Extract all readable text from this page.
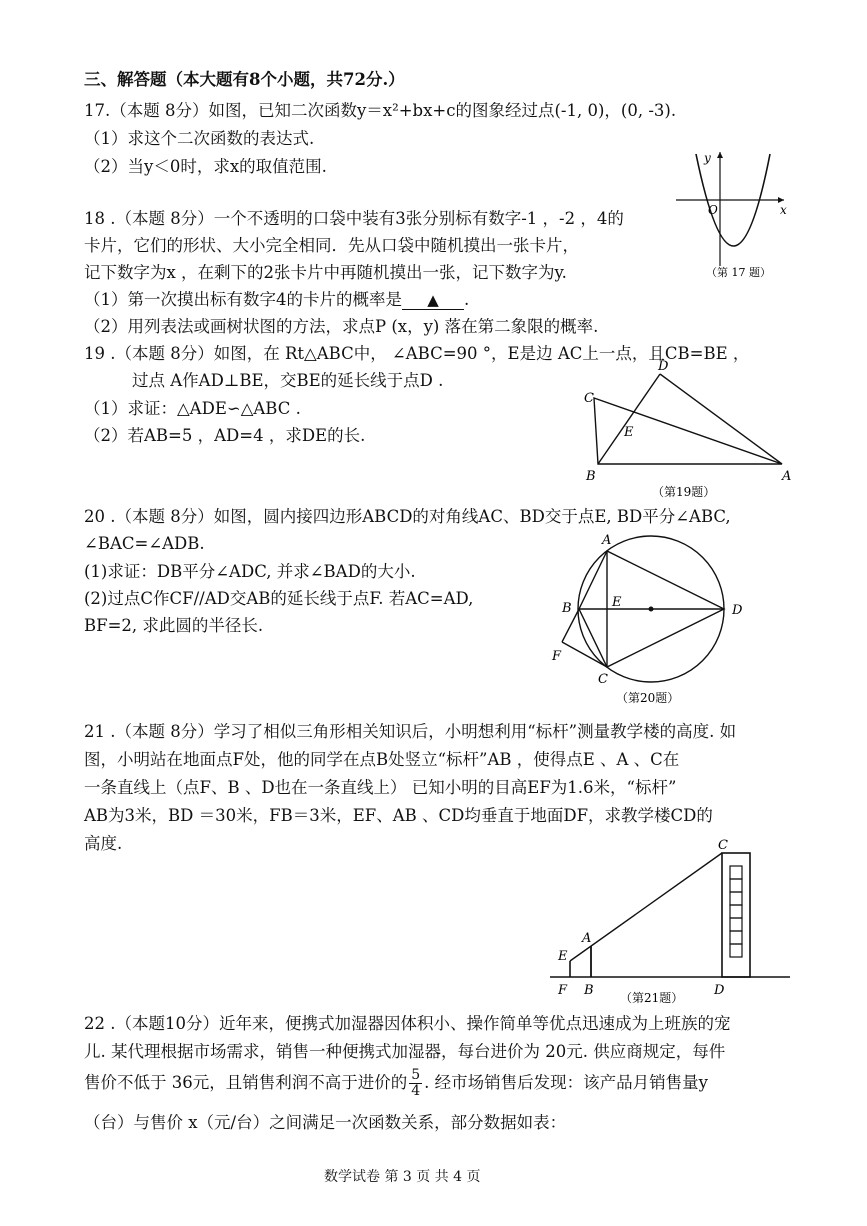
三、解答题（本大题有8个小题，共72分.）
17.（本题 8分）如图，已知二次函数y＝x²+bx+c的图象经过点(-1, 0)，(0, -3).
（1）求这个二次函数的表达式.
（2）当y＜0时，求x的取值范围.	y
x
O
（第 17 题）
18 .（本题 8分）一个不透明的口袋中装有3张分别标有数字-1 ，-2 ，4的
卡片，它们的形状、大小完全相同．先从口袋中随机摸出一张卡片，
记下数字为x ，在剩下的2张卡片中再随机摸出一张，记下数字为y.
（1）第一次摸出标有数字4的卡片的概率是 ▲ .
（2）用列表法或画树状图的方法，求点P (x，y) 落在第二象限的概率.
19 .（本题 8分）如图，在 Rt△ABC中， ∠ABC=90 °，E是边 AC上一点，且CB=BE ，
过点 A作AD⊥BE，交BE的延长线于点D .
（1）求证：△ADE∽△ABC .
（2）若AB=5 ，AD=4 ，求DE的长.
C
D
E
B	A
（第19题）
20 .（本题 8分）如图，圆内接四边形ABCD的对角线AC、BD交于点E, BD平分∠ABC,
∠BAC=∠ADB.
(1)求证：DB平分∠ADC, 并求∠BAD的大小.
(2)过点C作CF//AD交AB的延长线于点F. 若AC=AD,
BF=2, 求此圆的半径长.
A
B	E
D
F
C
（第20题）
21 .（本题 8分）学习了相似三角形相关知识后，小明想利用“标杆”测量教学楼的高度. 如
图，小明站在地面点F处，他的同学在点B处竖立“标杆”AB ，使得点E 、A 、C在
一条直线上（点F、B 、D也在一条直线上） 已知小明的目高EF为1.6米，“标杆”
AB为3米，BD ＝30米，FB＝3米，EF、AB 、CD均垂直于地面DF，求教学楼CD的
高度.	C
A
E
F B	D
（第21题）
22 .（本题10分）近年来，便携式加湿器因体积小、操作简单等优点迅速成为上班族的宠
儿. 某代理根据市场需求，销售一种便携式加湿器，每台进价为 20元. 供应商规定，每件
售价不低于 36元，且销售利润不高于进价的 $\frac{5}{4}$ . 经市场销售后发现：该产品月销售量y
（台）与售价 x（元/台）之间满足一次函数关系，部分数据如表：
数学试卷 第 3 页 共 4 页
